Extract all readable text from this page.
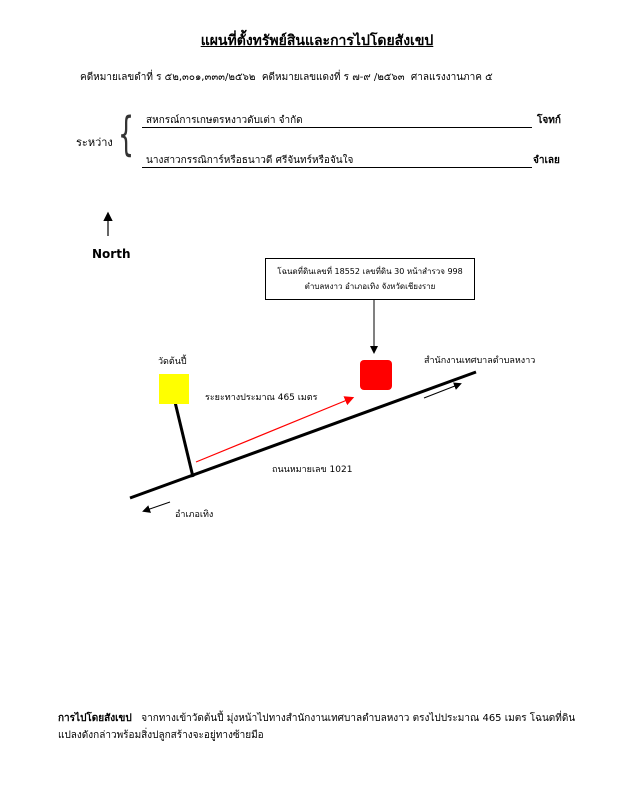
แผนที่ตั้งทรัพย์สินและการไปโดยสังเขป
คดีหมายเลขดำที่ ร ๕๒,๓๐๑,๓๓๓/๒๕๖๒ คดีหมายเลขแดงที่ ร ๗-๙ /๒๕๖๓ ศาลแรงงานภาค ๕
ระหว่าง { สหกรณ์การเกษตรหงาวดับเต่า จำกัด	โจทก์
นางสาวกรรณิการ์หรือธนาวดี ศรีจันทร์หรือจันใจ	จำเลย
North
โฉนดที่ดินเลขที่ 18552 เลขที่ดิน 30 หน้าสำรวจ 998
ตำบลหงาว อำเภอเทิง จังหวัดเชียงราย
วัดต้นปี้	สำนักงานเทศบาลตำบลหงาว
ระยะทางประมาณ 465 เมตร
ถนนหมายเลข 1021
อำเภอเทิง
การไปโดยสังเขป จากทางเข้าวัดต้นปี้ มุ่งหน้าไปทางสำนักงานเทศบาลตำบลหงาว ตรงไปประมาณ 465 เมตร โฉนดที่ดินแปลงดังกล่าวพร้อมสิ่งปลูกสร้างจะอยู่ทางซ้ายมือ
